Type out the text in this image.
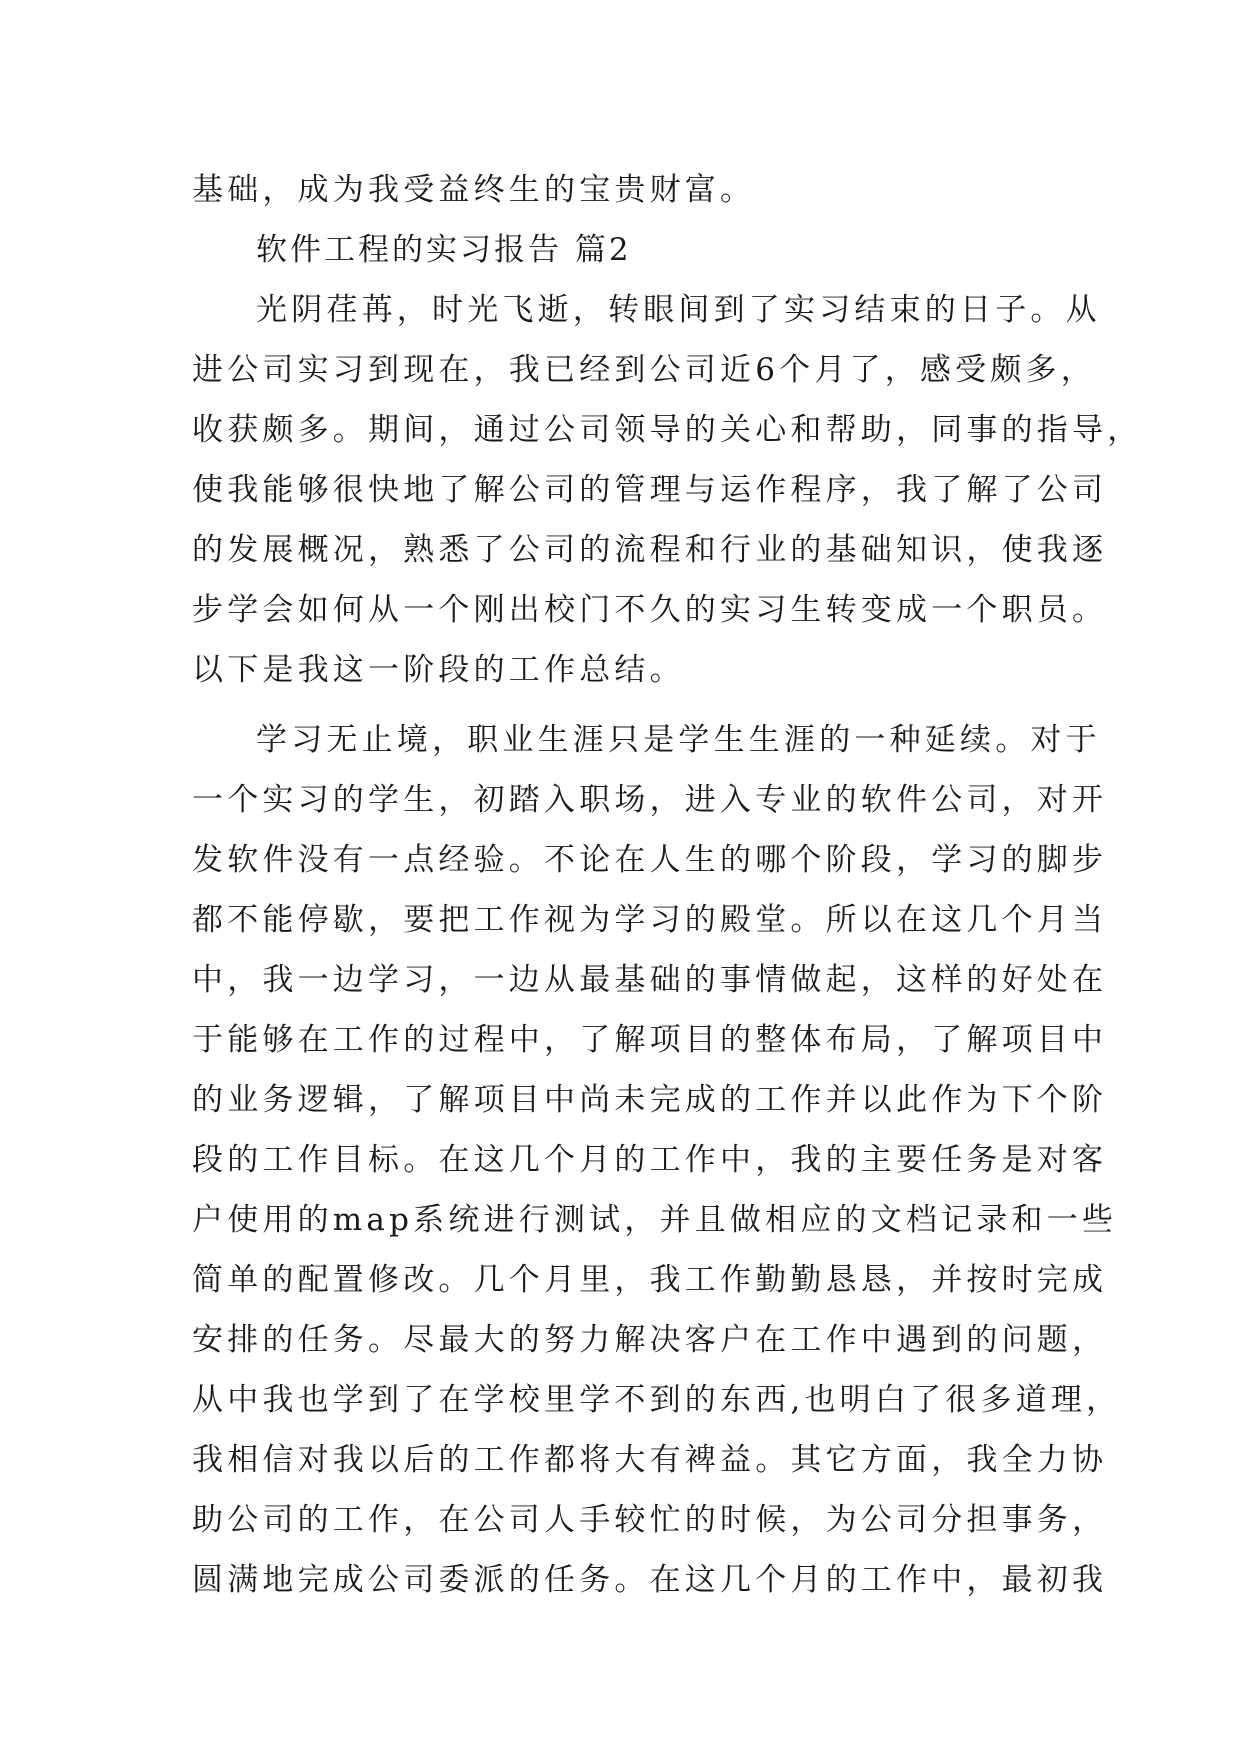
基础，成为我受益终生的宝贵财富。
软件工程的实习报告 篇2
光阴荏苒，时光飞逝，转眼间到了实习结束的日子。从
进公司实习到现在，我已经到公司近6个月了，感受颇多，
收获颇多。期间，通过公司领导的关心和帮助，同事的指导，
使我能够很快地了解公司的管理与运作程序，我了解了公司
的发展概况，熟悉了公司的流程和行业的基础知识，使我逐
步学会如何从一个刚出校门不久的实习生转变成一个职员。
以下是我这一阶段的工作总结。
学习无止境，职业生涯只是学生生涯的一种延续。对于
一个实习的学生，初踏入职场，进入专业的软件公司，对开
发软件没有一点经验。不论在人生的哪个阶段，学习的脚步
都不能停歇，要把工作视为学习的殿堂。所以在这几个月当
中，我一边学习，一边从最基础的事情做起，这样的好处在
于能够在工作的过程中，了解项目的整体布局，了解项目中
的业务逻辑，了解项目中尚未完成的工作并以此作为下个阶
段的工作目标。在这几个月的工作中，我的主要任务是对客
户使用的map系统进行测试，并且做相应的文档记录和一些
简单的配置修改。几个月里，我工作勤勤恳恳，并按时完成
安排的任务。尽最大的努力解决客户在工作中遇到的问题，
从中我也学到了在学校里学不到的东西,也明白了很多道理，
我相信对我以后的工作都将大有裨益。其它方面，我全力协
助公司的工作，在公司人手较忙的时候，为公司分担事务，
圆满地完成公司委派的任务。在这几个月的工作中，最初我
